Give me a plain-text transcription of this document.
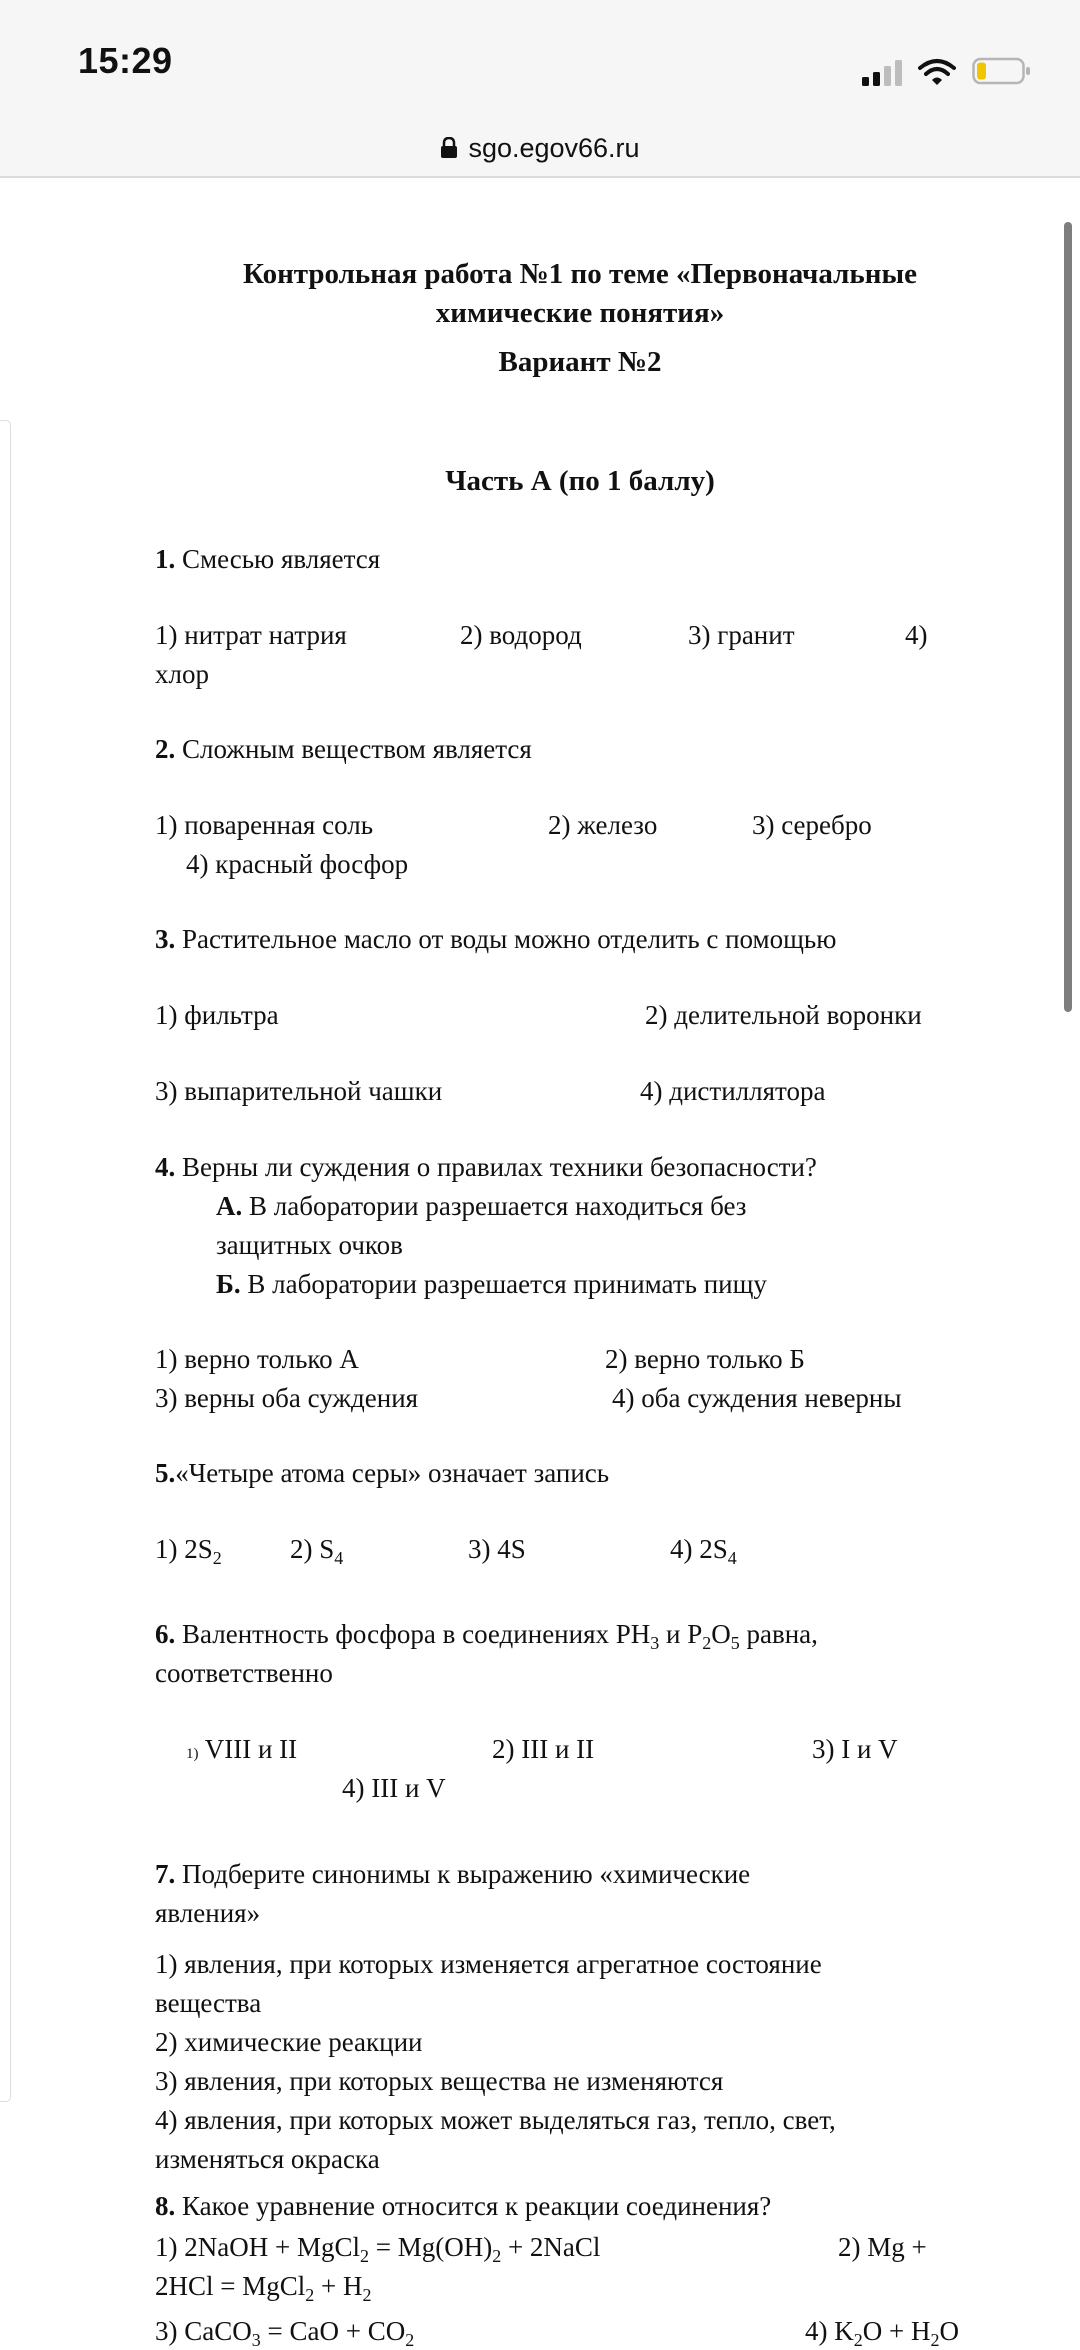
15:29
sgo.egov66.ru
Контрольная работа №1 по теме «Первоначальные
химические понятия»
Вариант №2
Часть А (по 1 баллу)
1. Смесью является
1) нитрат натрия	2) водород	3) гранит	4)
хлор
2. Сложным веществом является
1) поваренная соль	2) железо	3) серебро
4) красный фосфор
3. Растительное масло от воды можно отделить с помощью
1) фильтра	2) делительной воронки
3) выпарительной чашки	4) дистиллятора
4. Верны ли суждения о правилах техники безопасности?
А. В лаборатории разрешается находиться без
защитных очков
Б. В лаборатории разрешается принимать пищу
1) верно только А	2) верно только Б
3) верны оба суждения	4) оба суждения неверны
5.«Четыре атома серы» означает запись
1) $2S_2$	2) $S_4$	3) 4S	4) $2S_4$
6. Валентность фосфора в соединениях $PH_3$ и $P_2O_5$ равна,
соответственно
1) VIII и II	2) III и II	3) I и V
4) III и V
7. Подберите синонимы к выражению «химические
явления»
1) явления, при которых изменяется агрегатное состояние
вещества
2) химические реакции
3) явления, при которых вещества не изменяются
4) явления, при которых может выделяться газ, тепло, свет,
изменяться окраска
8. Какое уравнение относится к реакции соединения?
1) 2NaOH + MgCl$_2$ = $Mg(OH)_2$ + 2NaCl	2) Mg +
2HCl = MgCl$_2$ + $H_2$
3) CaCO$_3$ = CaO + $CO_2$	4) $K_2O + H_2O$
